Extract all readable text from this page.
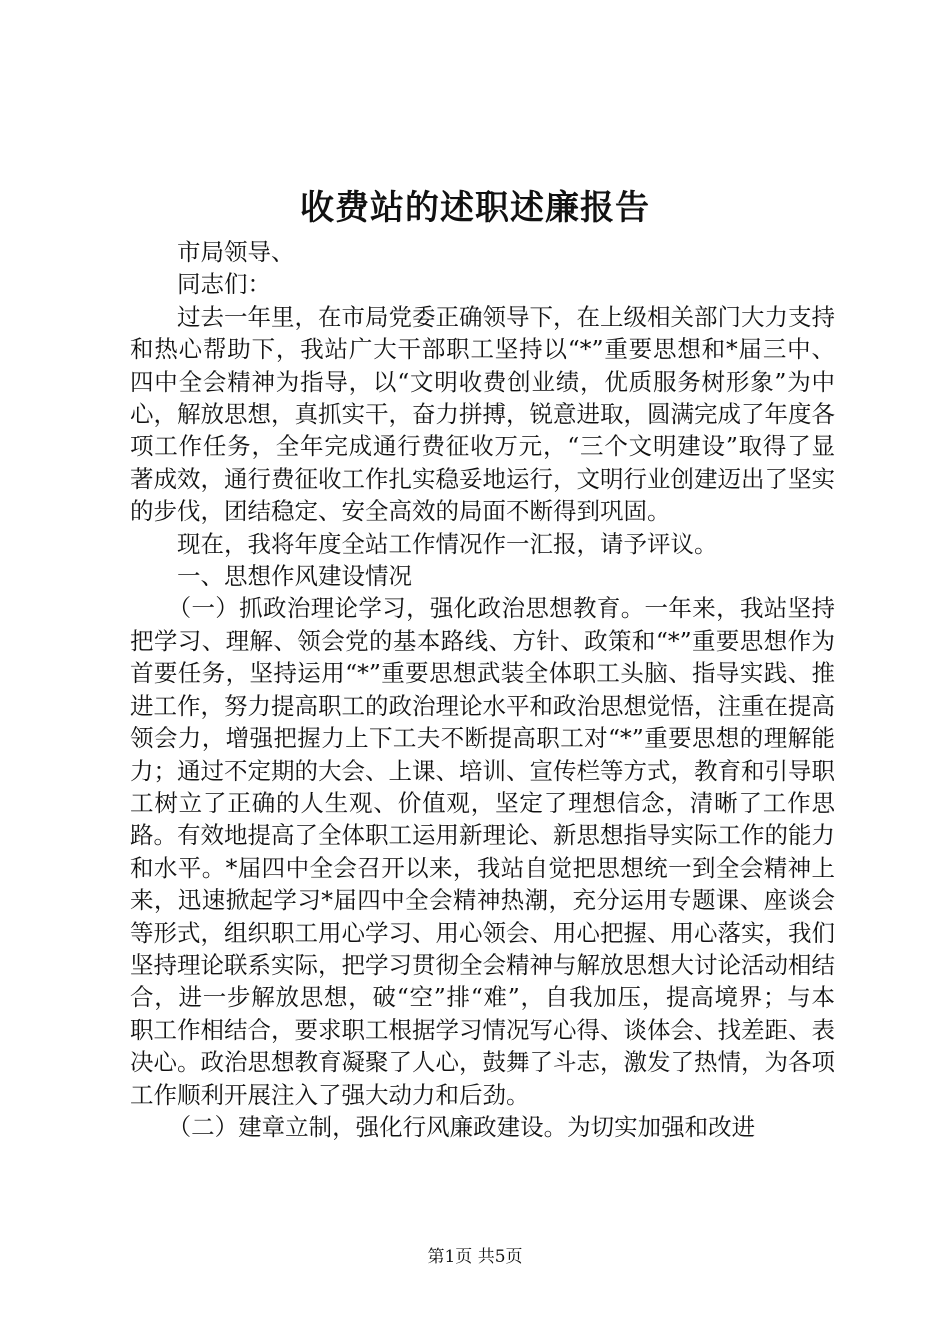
收费站的述职述廉报告

市局领导、

同志们：

过去一年里，在市局党委正确领导下，在上级相关部门大力支持和热心帮助下，我站广大干部职工坚持以“*”重要思想和*届三中、四中全会精神为指导，以“文明收费创业绩，优质服务树形象”为中心，解放思想，真抓实干，奋力拼搏，锐意进取，圆满完成了年度各项工作任务，全年完成通行费征收万元，“三个文明建设”取得了显著成效，通行费征收工作扎实稳妥地运行，文明行业创建迈出了坚实的步伐，团结稳定、安全高效的局面不断得到巩固。

现在，我将年度全站工作情况作一汇报，请予评议。

一、思想作风建设情况

（一）抓政治理论学习，强化政治思想教育。一年来，我站坚持把学习、理解、领会党的基本路线、方针、政策和“*”重要思想作为首要任务，坚持运用“*”重要思想武装全体职工头脑、指导实践、推进工作，努力提高职工的政治理论水平和政治思想觉悟，注重在提高领会力，增强把握力上下工夫不断提高职工对“*”重要思想的理解能力；通过不定期的大会、上课、培训、宣传栏等方式，教育和引导职工树立了正确的人生观、价值观，坚定了理想信念，清晰了工作思路。有效地提高了全体职工运用新理论、新思想指导实际工作的能力和水平。*届四中全会召开以来，我站自觉把思想统一到全会精神上来，迅速掀起学习*届四中全会精神热潮，充分运用专题课、座谈会等形式，组织职工用心学习、用心领会、用心把握、用心落实，我们坚持理论联系实际，把学习贯彻全会精神与解放思想大讨论活动相结合，进一步解放思想，破“空”排“难”，自我加压，提高境界；与本职工作相结合，要求职工根据学习情况写心得、谈体会、找差距、表决心。政治思想教育凝聚了人心，鼓舞了斗志，激发了热情，为各项工作顺利开展注入了强大动力和后劲。

（二）建章立制，强化行风廉政建设。为切实加强和改进

第1页 共5页
